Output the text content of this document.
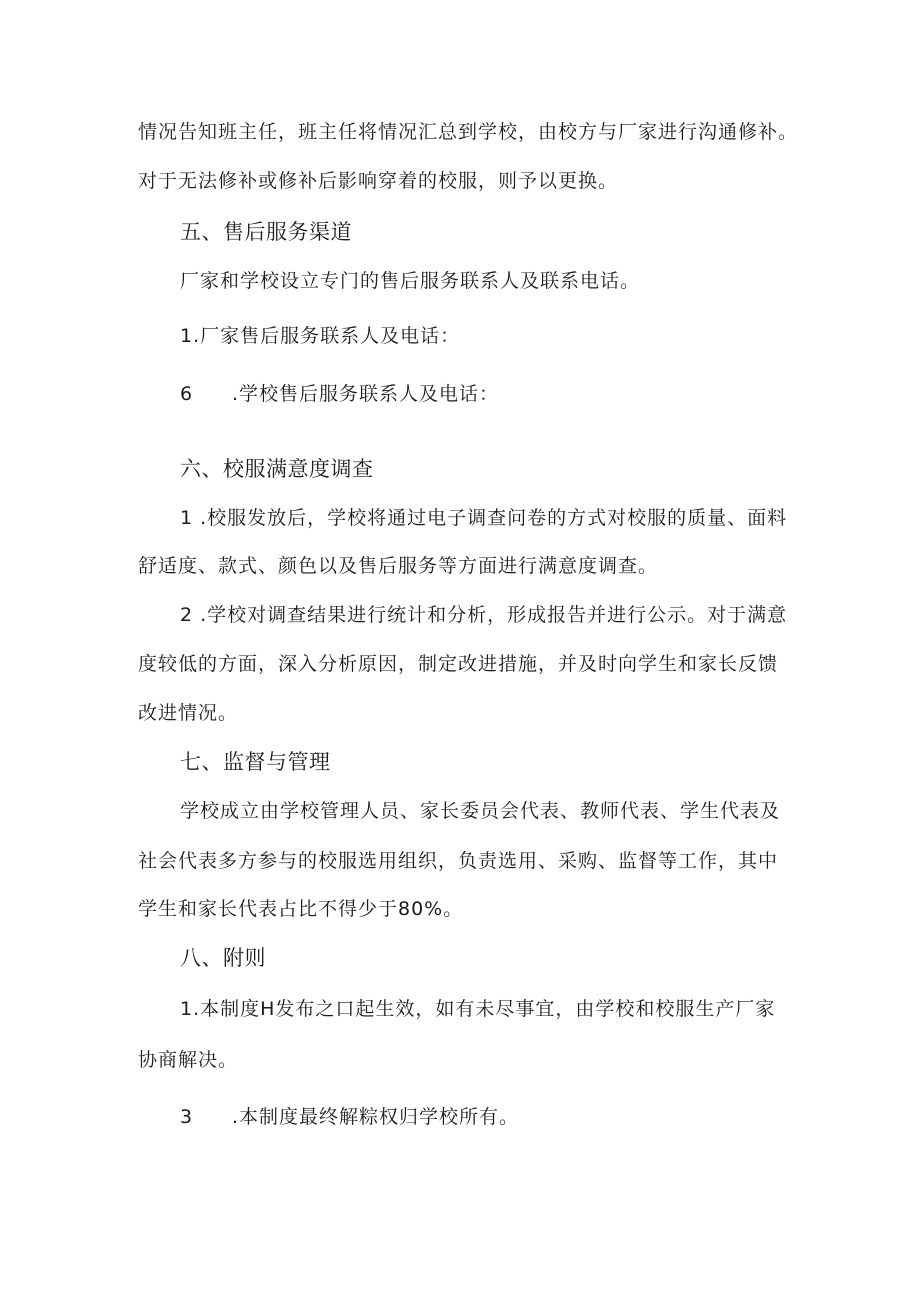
情况告知班主任，班主任将情况汇总到学校，由校方与厂家进行沟通修补。
对于无法修补或修补后影响穿着的校服，则予以更换。
五、售后服务渠道
厂家和学校设立专门的售后服务联系人及联系电话。
1.厂家售后服务联系人及电话：
6 .学校售后服务联系人及电话：
六、校服满意度调查
1 .校服发放后，学校将通过电子调查问卷的方式对校服的质量、面料
舒适度、款式、颜色以及售后服务等方面进行满意度调查。
2 .学校对调查结果进行统计和分析，形成报告并进行公示。对于满意
度较低的方面，深入分析原因，制定改进措施，并及时向学生和家长反馈
改进情况。
七、监督与管理
学校成立由学校管理人员、家长委员会代表、教师代表、学生代表及
社会代表多方参与的校服选用组织，负责选用、采购、监督等工作，其中
学生和家长代表占比不得少于80%。
八、附则
1.本制度H发布之口起生效，如有未尽事宜，由学校和校服生产厂家
协商解决。
3 .本制度最终解粽权归学校所有。
